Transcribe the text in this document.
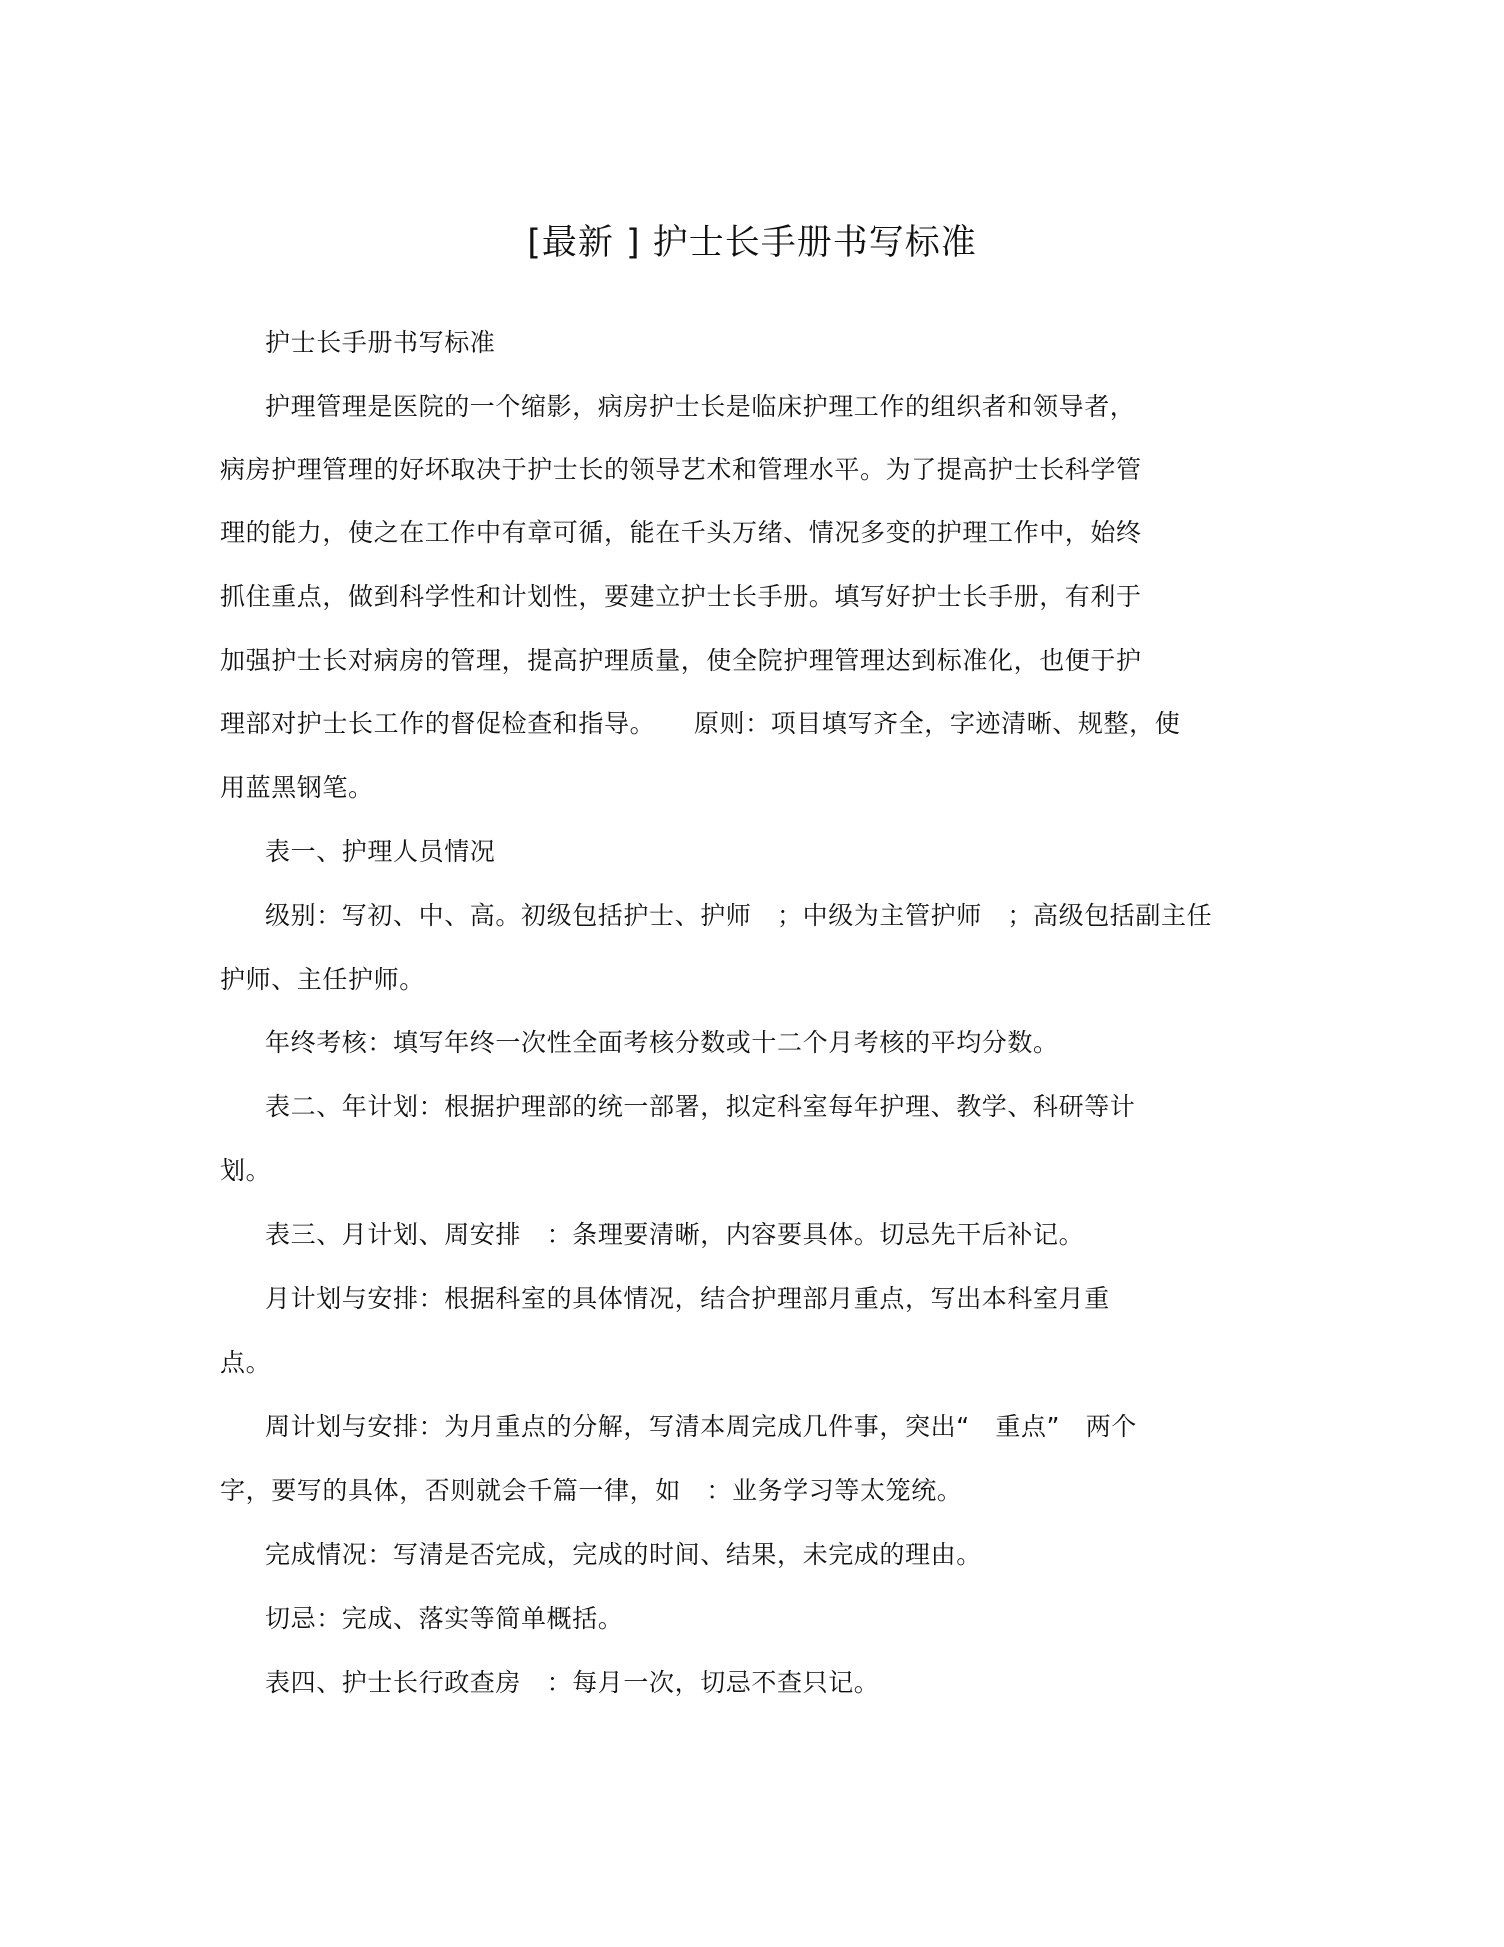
[最新 ] 护士长手册书写标准
护士长手册书写标准
护理管理是医院的一个缩影，病房护士长是临床护理工作的组织者和领导者，
病房护理管理的好坏取决于护士长的领导艺术和管理水平。为了提高护士长科学管
理的能力，使之在工作中有章可循，能在千头万绪、情况多变的护理工作中，始终
抓住重点，做到科学性和计划性，要建立护士长手册。填写好护士长手册，有利于
加强护士长对病房的管理，提高护理质量，使全院护理管理达到标准化，也便于护
理部对护士长工作的督促检查和指导。　　原则：项目填写齐全，字迹清晰、规整，使
用蓝黑钢笔。
表一、护理人员情况
级别：写初、中、高。初级包括护士、护师　；中级为主管护师　；高级包括副主任
护师、主任护师。
年终考核：填写年终一次性全面考核分数或十二个月考核的平均分数。
表二、年计划：根据护理部的统一部署，拟定科室每年护理、教学、科研等计
划。
表三、月计划、周安排　：条理要清晰，内容要具体。切忌先干后补记。
月计划与安排：根据科室的具体情况，结合护理部月重点，写出本科室月重
点。
周计划与安排：为月重点的分解，写清本周完成几件事，突出“　重点”　两个
字，要写的具体，否则就会千篇一律，如　：业务学习等太笼统。
完成情况：写清是否完成，完成的时间、结果，未完成的理由。
切忌：完成、落实等简单概括。
表四、护士长行政查房　：每月一次，切忌不查只记。
